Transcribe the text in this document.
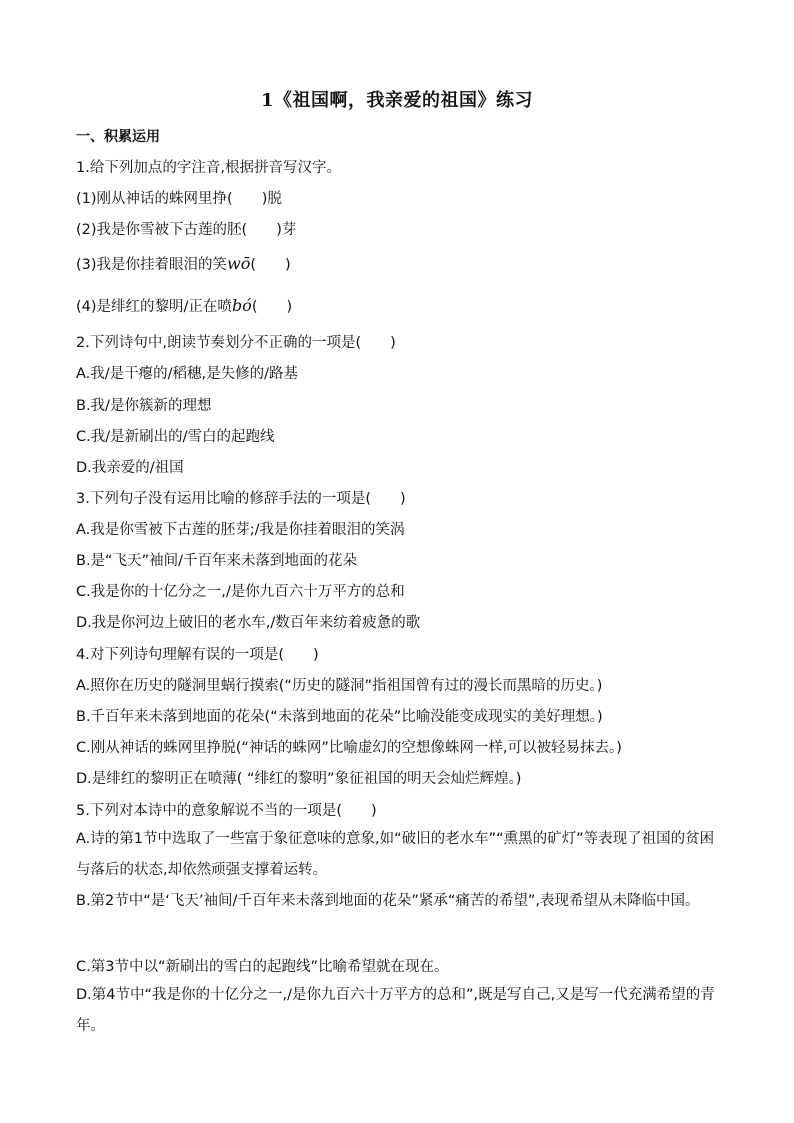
1《祖国啊，我亲爱的祖国》练习
一、积累运用
1.给下列加点的字注音,根据拼音写汉字。
(1)刚从神话的蛛网里挣(　　)脱
(2)我是你雪被下古莲的胚(　　)芽
(3)我是你挂着眼泪的笑wō(　　)
(4)是绯红的黎明/正在喷bó(　　)
2.下列诗句中,朗读节奏划分不正确的一项是(　　)
A.我/是干瘪的/稻穗,是失修的/路基
B.我/是你簇新的理想
C.我/是新刷出的/雪白的起跑线
D.我亲爱的/祖国
3.下列句子没有运用比喻的修辞手法的一项是(　　)
A.我是你雪被下古莲的胚芽;/我是你挂着眼泪的笑涡
B.是“飞天”袖间/千百年来未落到地面的花朵
C.我是你的十亿分之一,/是你九百六十万平方的总和
D.我是你河边上破旧的老水车,/数百年来纺着疲惫的歌
4.对下列诗句理解有误的一项是(　　)
A.照你在历史的隧洞里蜗行摸索(“历史的隧洞”指祖国曾有过的漫长而黑暗的历史。)
B.千百年来未落到地面的花朵(“未落到地面的花朵”比喻没能变成现实的美好理想。)
C.刚从神话的蛛网里挣脱(“神话的蛛网”比喻虚幻的空想像蛛网一样,可以被轻易抹去。)
D.是绯红的黎明正在喷薄( “绯红的黎明”象征祖国的明天会灿烂辉煌。)
5.下列对本诗中的意象解说不当的一项是(　　)
A.诗的第1节中选取了一些富于象征意味的意象,如“破旧的老水车”“熏黑的矿灯”等表现了祖国的贫困与落后的状态,却依然顽强支撑着运转。
B.第2节中“是‘飞天’袖间/千百年来未落到地面的花朵”紧承“痛苦的希望”,表现希望从未降临中国。
C.第3节中以“新刷出的雪白的起跑线”比喻希望就在现在。
D.第4节中“我是你的十亿分之一,/是你九百六十万平方的总和”,既是写自己,又是写一代充满希望的青年。
